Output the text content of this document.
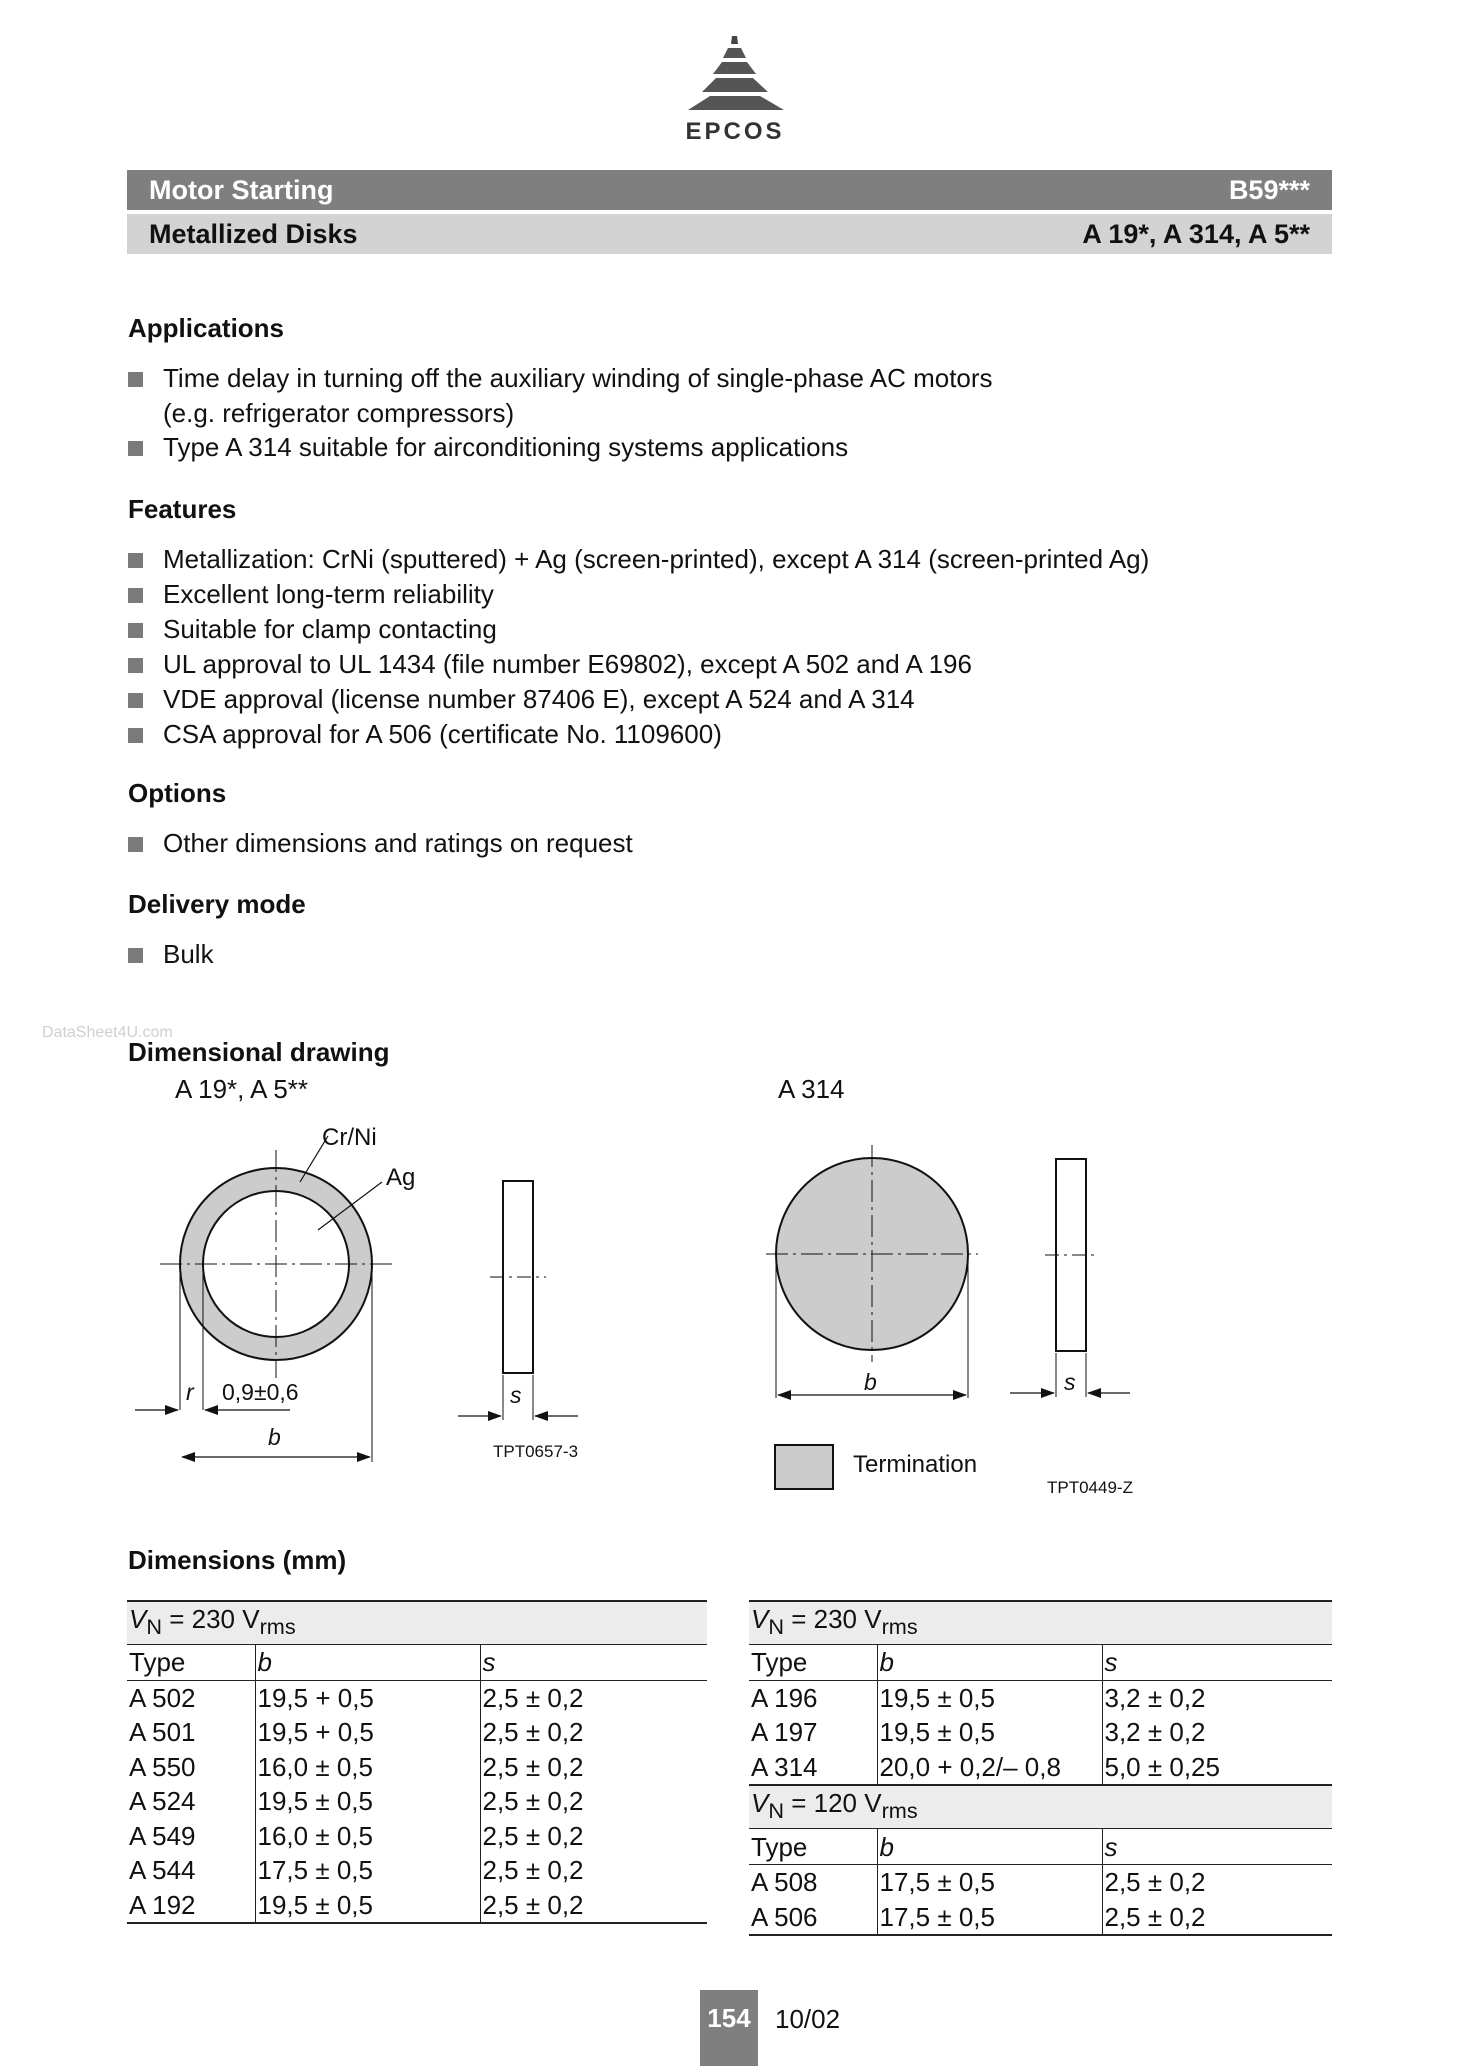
EPCOS
Motor Starting	B59***
Metallized Disks	A 19*, A 314, A 5**
Applications
Time delay in turning off the auxiliary winding of single-phase AC motors
(e.g. refrigerator compressors)
Type A 314 suitable for airconditioning systems applications
Features
Metallization: CrNi (sputtered) + Ag (screen-printed), except A 314 (screen-printed Ag)
Excellent long-term reliability
Suitable for clamp contacting
UL approval to UL 1434 (file number E69802), except A 502 and A 196
VDE approval (license number 87406 E), except A 524 and A 314
CSA approval for A 506 (certificate No. 1109600)
Options
Other dimensions and ratings on request
Delivery mode
Bulk
DataSheet4U.com
Dimensional drawing
A 19*, A 5**	A 314
Cr/Ni
Ag
r 0,9±0,6
b
s
TPT0657-3
b	s
Termination
TPT0449-Z
Dimensions (mm)
$V_N = 230$ $V_{rms}$
Type	b	s
A 502	19,5 + 0,5	2,5 ± 0,2
A 501	19,5 + 0,5	2,5 ± 0,2
A 550	16,0 ± 0,5	2,5 ± 0,2
A 524	19,5 ± 0,5	2,5 ± 0,2
A 549	16,0 ± 0,5	2,5 ± 0,2
A 544	17,5 ± 0,5	2,5 ± 0,2
A 192	19,5 ± 0,5	2,5 ± 0,2
$V_N = 230$ $V_{rms}$
Type	b	s
A 196	19,5 ± 0,5	3,2 ± 0,2
A 197	19,5 ± 0,5	3,2 ± 0,2
A 314	20,0 + 0,2/– 0,8	5,0 ± 0,25
$V_N = 120$ $V_{rms}$
Type	b	s
A 508	17,5 ± 0,5	2,5 ± 0,2
A 506	17,5 ± 0,5	2,5 ± 0,2
154 10/02
